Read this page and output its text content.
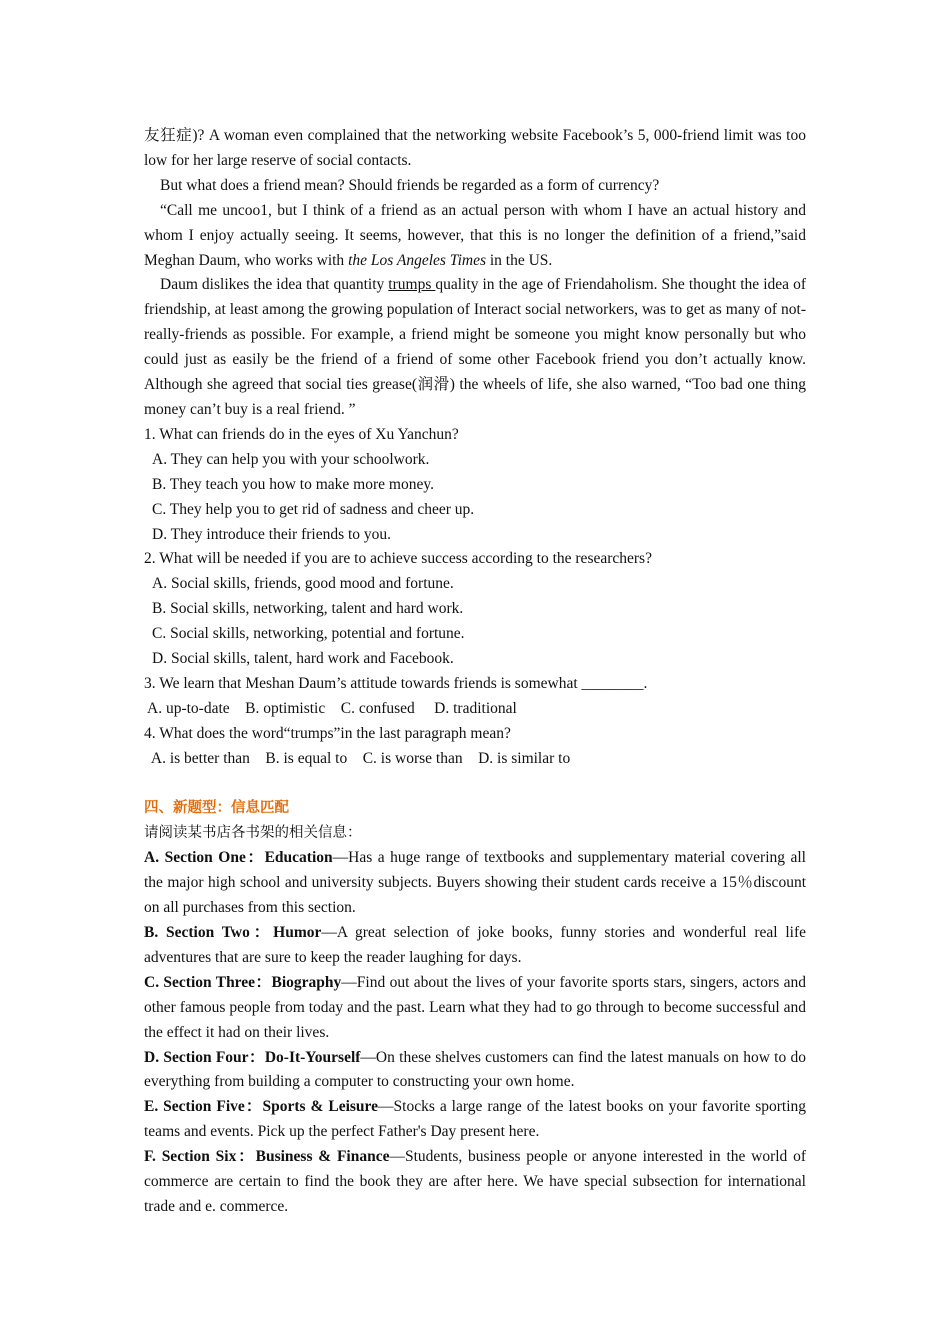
友狂症)? A woman even complained that the networking website Facebook’s 5, 000-friend limit was too low for her large reserve of social contacts.

But what does a friend mean? Should friends be regarded as a form of currency?

“Call me uncoo1, but I think of a friend as an actual person with whom I have an actual history and whom I enjoy actually seeing. It seems, however, that this is no longer the definition of a friend,”said Meghan Daum, who works with the Los Angeles Times in the US.

Daum dislikes the idea that quantity trumps quality in the age of Friendaholism. She thought the idea of friendship, at least among the growing population of Interact social networkers, was to get as many of not-really-friends as possible. For example, a friend might be someone you might know personally but who could just as easily be the friend of a friend of some other Facebook friend you don’t actually know. Although she agreed that social ties grease(润滑) the wheels of life, she also warned, “Too bad one thing money can’t buy is a real friend. ”

1. What can friends do in the eyes of Xu Yanchun?

A. They can help you with your schoolwork.

B. They teach you how to make more money.

C. They help you to get rid of sadness and cheer up.

D. They introduce their friends to you.

2. What will be needed if you are to achieve success according to the researchers?

A. Social skills, friends, good mood and fortune.

B. Social skills, networking, talent and hard work.

C. Social skills, networking, potential and fortune.

D. Social skills, talent, hard work and Facebook.

3. We learn that Meshan Daum’s attitude towards friends is somewhat ________.

A. up-to-date    B. optimistic    C. confused     D. traditional

4. What does the word“trumps”in the last paragraph mean?

A. is better than    B. is equal to    C. is worse than    D. is similar to

四、新题型：信息匹配

请阅读某书店各书架的相关信息：

A. Section One：Education—Has a huge range of textbooks and supplementary material covering all the major high school and university subjects. Buyers showing their student cards receive a 15％discount on all purchases from this section.

B. Section Two：Humor—A great selection of joke books, funny stories and wonderful real life adventures that are sure to keep the reader laughing for days.

C. Section Three：Biography—Find out about the lives of your favorite sports stars, singers, actors and other famous people from today and the past. Learn what they had to go through to become successful and the effect it had on their lives.

D. Section Four：Do-It-Yourself—On these shelves customers can find the latest manuals on how to do everything from building a computer to constructing your own home.

E. Section Five：Sports & Leisure—Stocks a large range of the latest books on your favorite sporting teams and events. Pick up the perfect Father's Day present here.

F. Section Six：Business & Finance—Students, business people or anyone interested in the world of commerce are certain to find the book they are after here. We have special subsection for international trade and e. commerce.
